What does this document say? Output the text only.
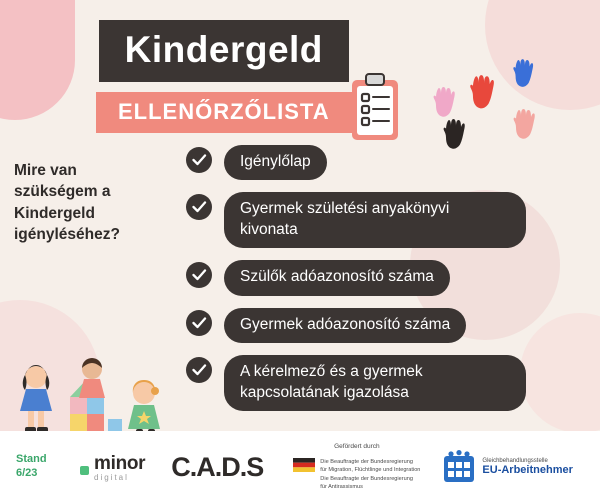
Kindergeld
ELLENŐRZŐLISTA
Mire van szükségem a Kindergeld igényléséhez?
Igénylőlap
Gyermek születési anyakönyvi kivonata
Szülők adóazonosító száma
Gyermek adóazonosító száma
A kérelmező és a gyermek kapcsolatának igazolása
Stand
6/23	minor
digital	C.A.D.S
Gefördert durch
Die Beauftragte der Bundesregierung
für Migration, Flüchtlinge und Integration
Die Beauftragte der Bundesregierung
für Antirassismus
Gleichbehandlungsstelle
EU-Arbeitnehmer
